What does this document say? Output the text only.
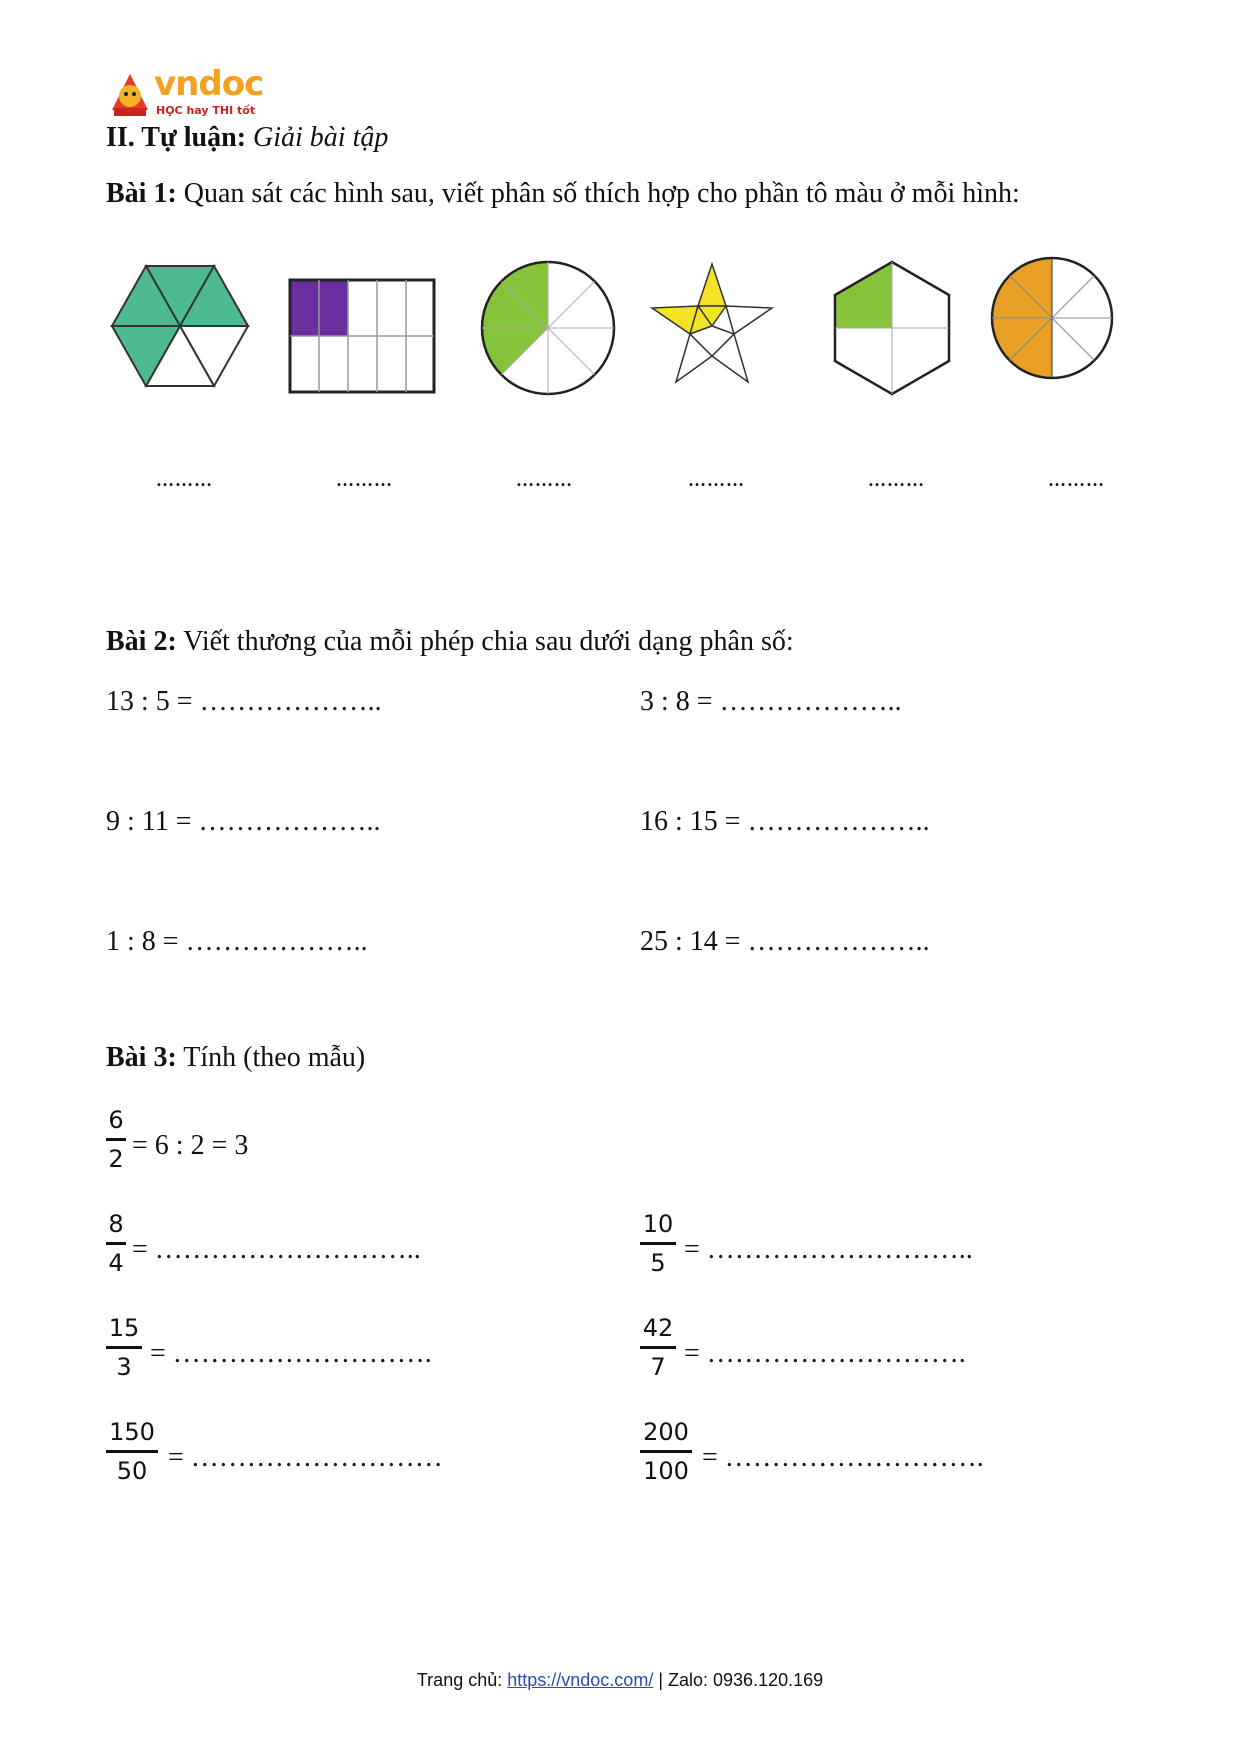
vndoc
HỌC hay THI tốt
II. Tự luận: Giải bài tập
Bài 1: Quan sát các hình sau, viết phân số thích hợp cho phần tô màu ở mỗi hình:
………	………	………	………	………	………
Bài 2: Viết thương của mỗi phép chia sau dưới dạng phân số:
13 : 5 = ………………..	3 : 8 = ………………..
9 : 11 = ………………..	16 : 15 = ………………..
1 : 8 = ………………..	25 : 14 = ………………..
Bài 3: Tính (theo mẫu)
6
2 = 6 : 2 = 3
8
4 = ………………………..
10
5 = ………………………..
15
3 = ……………………….
42
7 = ……………………….
150
50 = ………………………
200
100 = ……………………….
Trang chủ: https://vndoc.com/ | Zalo: 0936.120.169
